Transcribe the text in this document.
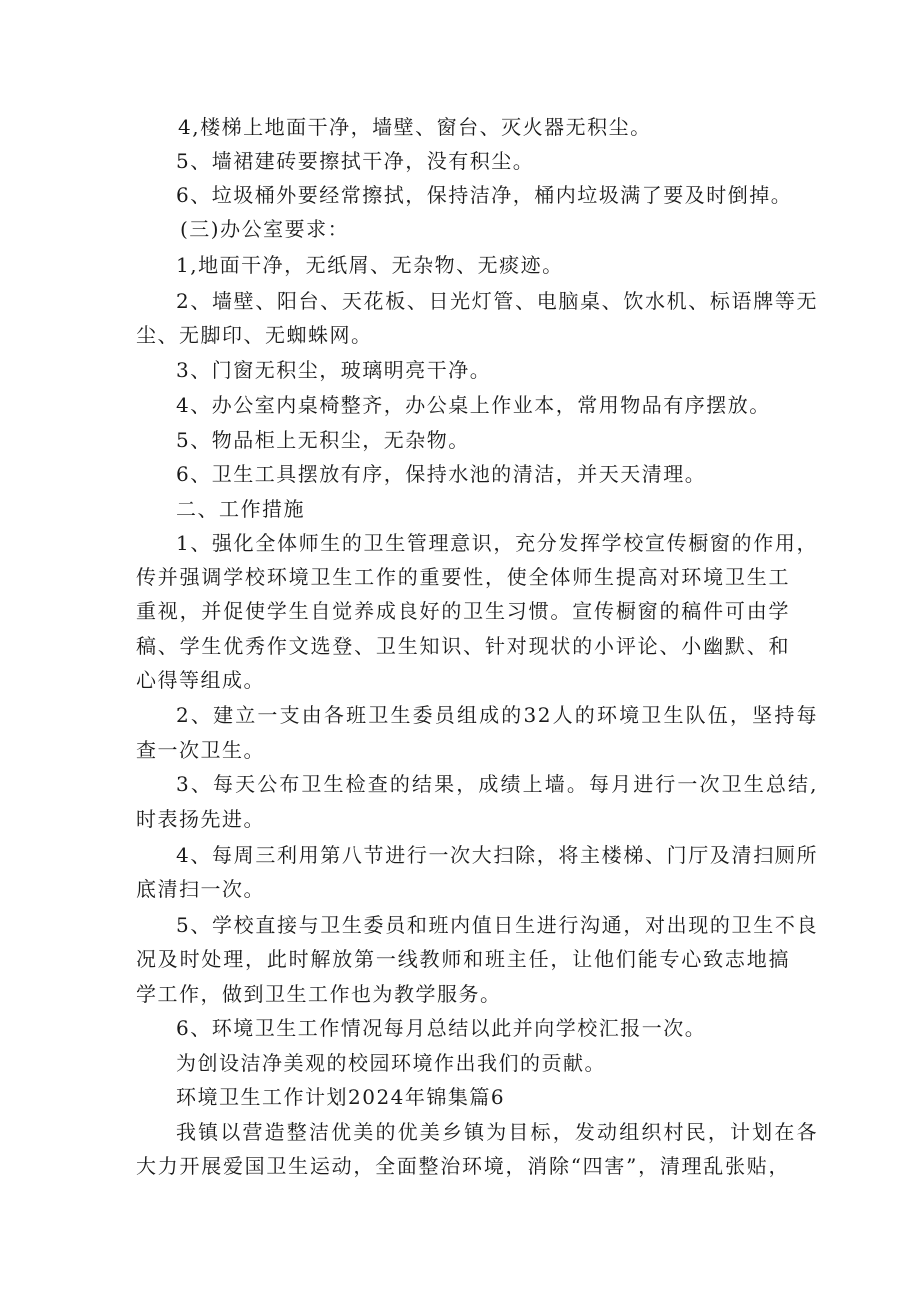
4,楼梯上地面干净，墙壁、窗台、灭火器无积尘。
5、墙裙建砖要擦拭干净，没有积尘。
6、垃圾桶外要经常擦拭，保持洁净，桶内垃圾满了要及时倒掉。
(三)办公室要求：
1,地面干净，无纸屑、无杂物、无痰迹。
2、墙壁、阳台、天花板、日光灯管、电脑桌、饮水机、标语牌等无
尘、无脚印、无蜘蛛网。
3、门窗无积尘，玻璃明亮干净。
4、办公室内桌椅整齐，办公桌上作业本，常用物品有序摆放。
5、物品柜上无积尘，无杂物。
6、卫生工具摆放有序，保持水池的清洁，并天天清理。
二、工作措施
1、强化全体师生的卫生管理意识，充分发挥学校宣传橱窗的作用，
传并强调学校环境卫生工作的重要性，使全体师生提高对环境卫生工
重视，并促使学生自觉养成良好的卫生习惯。宣传橱窗的稿件可由学
稿、学生优秀作文选登、卫生知识、针对现状的小评论、小幽默、和
心得等组成。
2、建立一支由各班卫生委员组成的32人的环境卫生队伍，坚持每
查一次卫生。
3、每天公布卫生检查的结果，成绩上墙。每月进行一次卫生总结,
时表扬先进。
4、每周三利用第八节进行一次大扫除，将主楼梯、门厅及清扫厕所
底清扫一次。
5、学校直接与卫生委员和班内值日生进行沟通，对出现的卫生不良
况及时处理，此时解放第一线教师和班主任，让他们能专心致志地搞
学工作，做到卫生工作也为教学服务。
6、环境卫生工作情况每月总结以此并向学校汇报一次。
为创设洁净美观的校园环境作出我们的贡献。
环境卫生工作计划2024年锦集篇6
我镇以营造整洁优美的优美乡镇为目标，发动组织村民，计划在各
大力开展爱国卫生运动，全面整治环境，消除“四害”，清理乱张贴，
